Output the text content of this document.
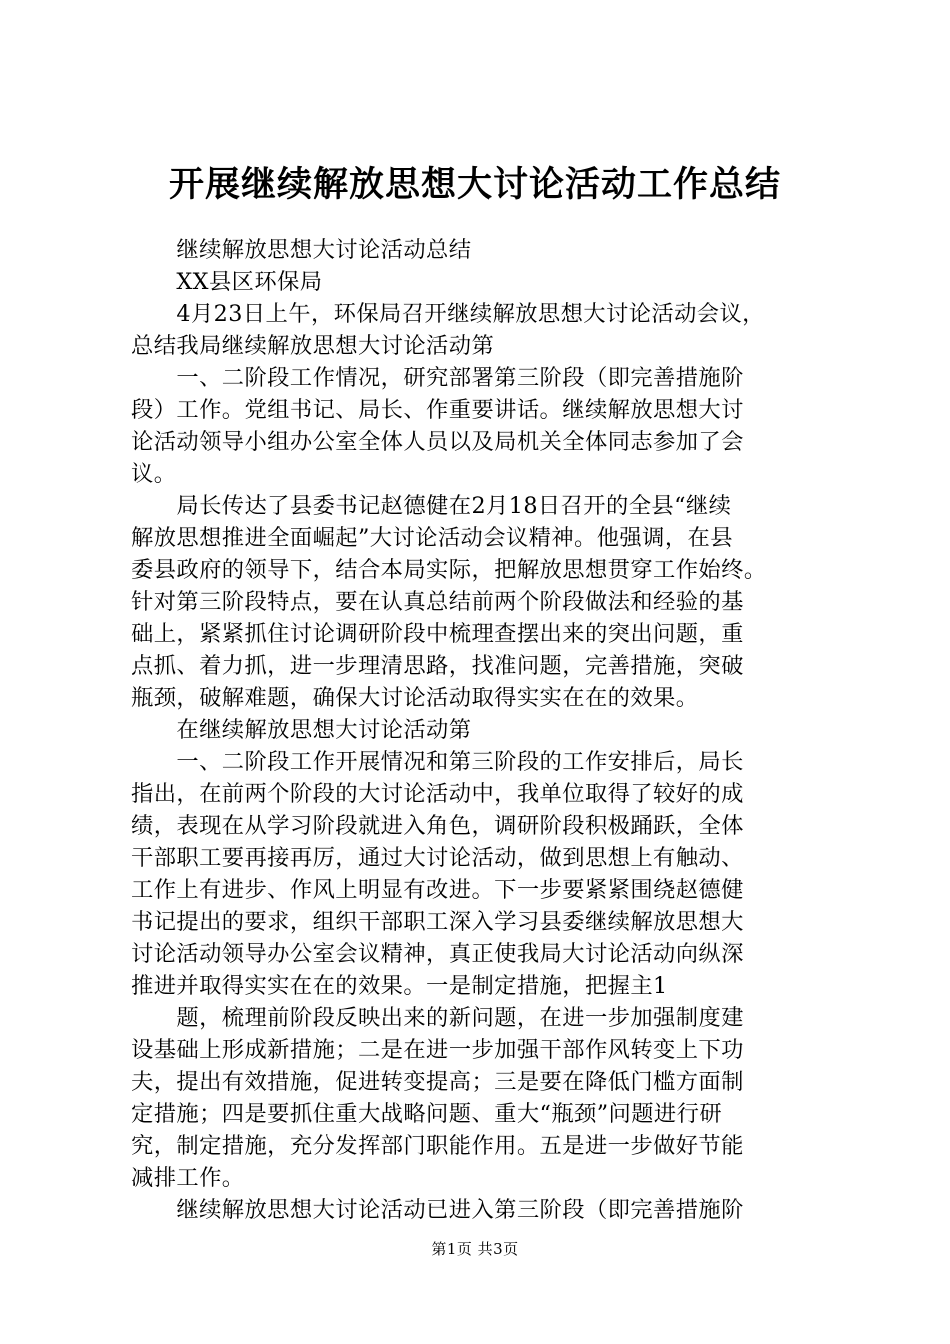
开展继续解放思想大讨论活动工作总结
　　继续解放思想大讨论活动总结
　　XX县区环保局
　　4月23日上午，环保局召开继续解放思想大讨论活动会议，
总结我局继续解放思想大讨论活动第
　　一、二阶段工作情况，研究部署第三阶段（即完善措施阶
段）工作。党组书记、局长、作重要讲话。继续解放思想大讨
论活动领导小组办公室全体人员以及局机关全体同志参加了会
议。
　　局长传达了县委书记赵德健在2月18日召开的全县“继续
解放思想推进全面崛起”大讨论活动会议精神。他强调，在县
委县政府的领导下，结合本局实际，把解放思想贯穿工作始终。
针对第三阶段特点，要在认真总结前两个阶段做法和经验的基
础上，紧紧抓住讨论调研阶段中梳理查摆出来的突出问题，重
点抓、着力抓，进一步理清思路，找准问题，完善措施，突破
瓶颈，破解难题，确保大讨论活动取得实实在在的效果。
　　在继续解放思想大讨论活动第
　　一、二阶段工作开展情况和第三阶段的工作安排后，局长
指出，在前两个阶段的大讨论活动中，我单位取得了较好的成
绩，表现在从学习阶段就进入角色，调研阶段积极踊跃，全体
干部职工要再接再厉，通过大讨论活动，做到思想上有触动、
工作上有进步、作风上明显有改进。下一步要紧紧围绕赵德健
书记提出的要求，组织干部职工深入学习县委继续解放思想大
讨论活动领导办公室会议精神，真正使我局大讨论活动向纵深
推进并取得实实在在的效果。一是制定措施，把握主1
　　题，梳理前阶段反映出来的新问题，在进一步加强制度建
设基础上形成新措施；二是在进一步加强干部作风转变上下功
夫，提出有效措施，促进转变提高；三是要在降低门槛方面制
定措施；四是要抓住重大战略问题、重大“瓶颈”问题进行研
究，制定措施，充分发挥部门职能作用。五是进一步做好节能
减排工作。
　　继续解放思想大讨论活动已进入第三阶段（即完善措施阶
第1页 共3页
